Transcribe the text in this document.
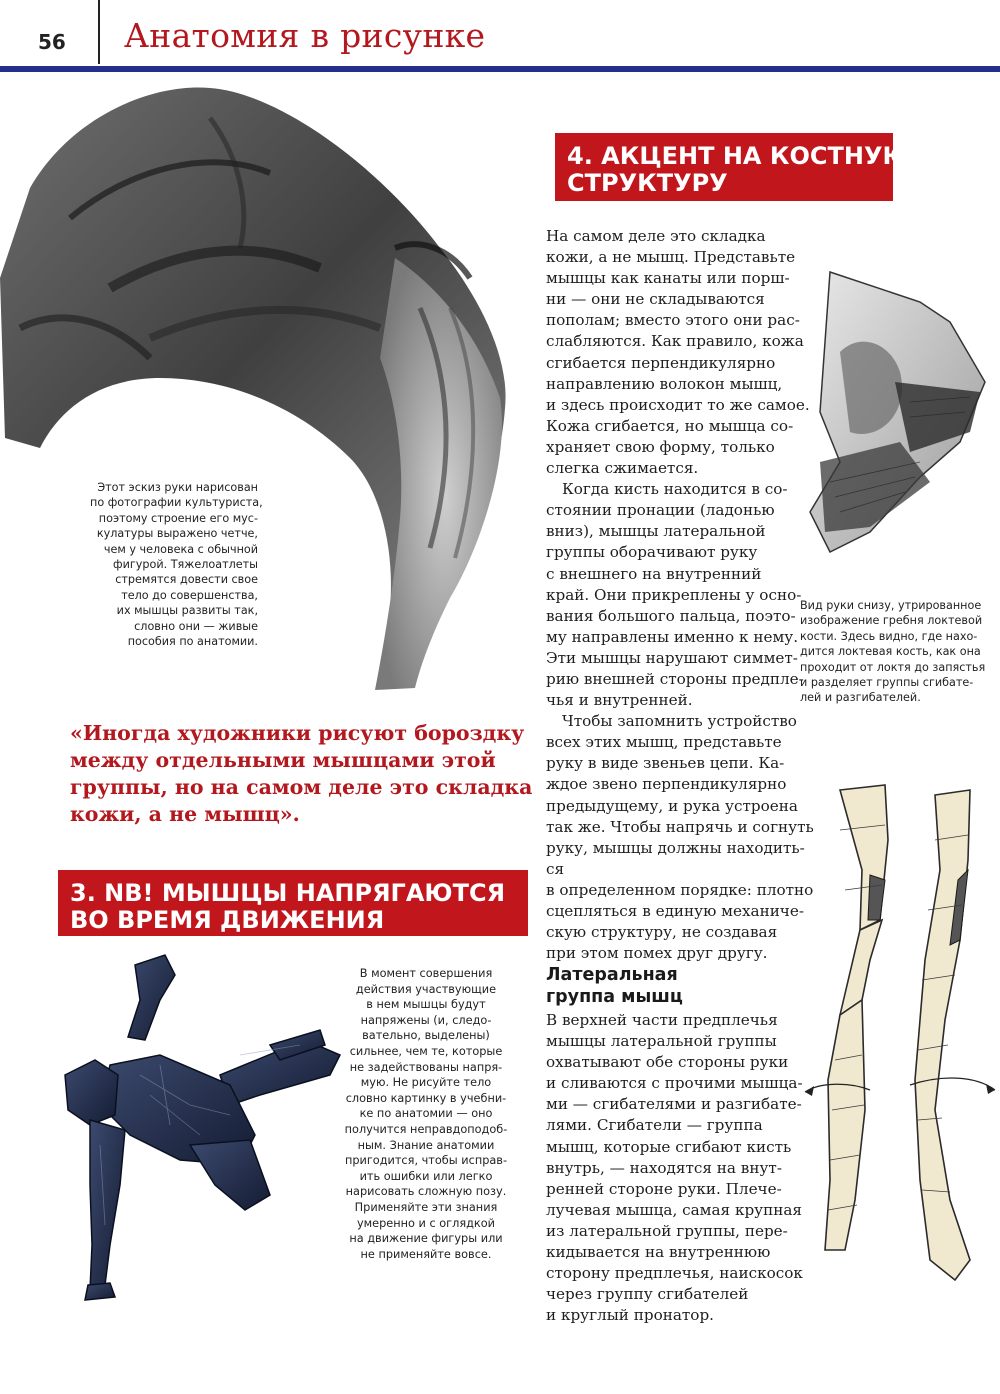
56 Анатомия в рисунке
Этот эскиз руки нарисован
по фотографии культуриста,
поэтому строение его мус-
кулатуры выражено четче,
чем у человека с обычной
фигурой. Тяжелоатлеты
стремятся довести свое
тело до совершенства,
их мышцы развиты так,
словно они — живые
пособия по анатомии.
«Иногда художники рисуют бороздку
между отдельными мышцами этой
группы, но на самом деле это складка
кожи, а не мышц».
3. NB! МЫШЦЫ НАПРЯГАЮТСЯ
ВО ВРЕМЯ ДВИЖЕНИЯ
В момент совершения
действия участвующие
в нем мышцы будут
напряжены (и, следо-
вательно, выделены)
сильнее, чем те, которые
не задействованы напря-
мую. Не рисуйте тело
словно картинку в учебни-
ке по анатомии — оно
получится неправдоподоб-
ным. Знание анатомии
пригодится, чтобы исправ-
ить ошибки или легко
нарисовать сложную позу.
Применяйте эти знания
умеренно и с оглядкой
на движение фигуры или
не применяйте вовсе.
4. АКЦЕНТ НА КОСТНУЮ
СТРУКТУРУ
На самом деле это складка
кожи, а не мышц. Представьте
мышцы как канаты или порш-
ни — они не складываются
пополам; вместо этого они рас-
слабляются. Как правило, кожа
сгибается перпендикулярно
направлению волокон мышц,
и здесь происходит то же самое.
Кожа сгибается, но мышца со-
храняет свою форму, только
слегка сжимается.
Когда кисть находится в со-
стоянии пронации (ладонью
вниз), мышцы латеральной
группы оборачивают руку
с внешнего на внутренний
край. Они прикреплены у осно-
вания большого пальца, поэто-
му направлены именно к нему.
Эти мышцы нарушают симмет-
рию внешней стороны предпле-
чья и внутренней.
Чтобы запомнить устройство
всех этих мышц, представьте
руку в виде звеньев цепи. Ка-
ждое звено перпендикулярно
предыдущему, и рука устроена
так же. Чтобы напрячь и согнуть
руку, мышцы должны находить-
ся
в определенном порядке: плотно
сцепляться в единую механиче-
скую структуру, не создавая
при этом помех друг другу.
Латеральная
группа мышц
В верхней части предплечья
мышцы латеральной группы
охватывают обе стороны руки
и сливаются с прочими мышца-
ми — сгибателями и разгибате-
лями. Сгибатели — группа
мышц, которые сгибают кисть
внутрь, — находятся на внут-
ренней стороне руки. Плече-
лучевая мышца, самая крупная
из латеральной группы, пере-
кидывается на внутреннюю
сторону предплечья, наискосок
через группу сгибателей
и круглый пронатор.
Вид руки снизу, утрированное
изображение гребня локтевой
кости. Здесь видно, где нахо-
дится локтевая кость, как она
проходит от локтя до запястья
и разделяет группы сгибате-
лей и разгибателей.
